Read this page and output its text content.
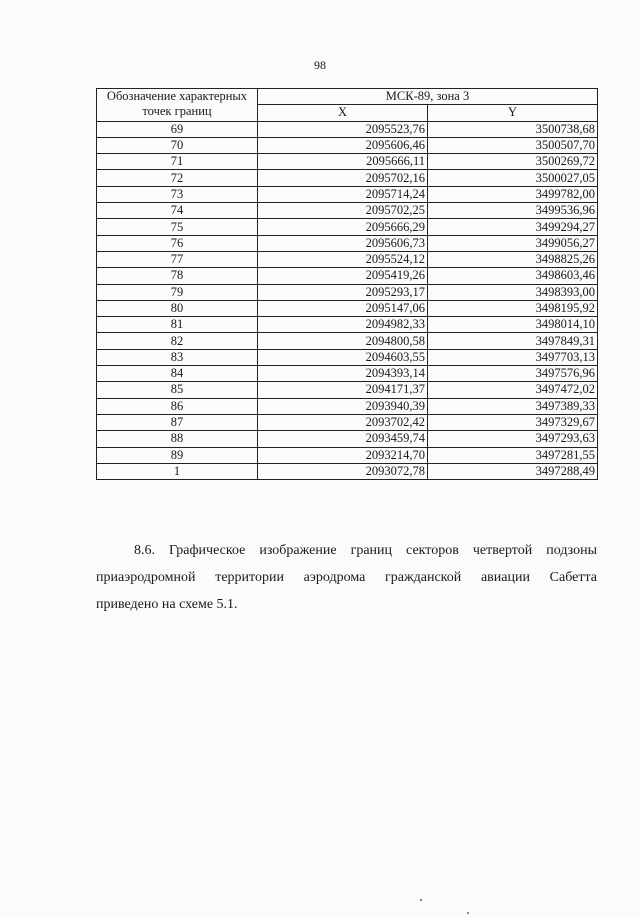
98
Обозначение характерных точек границ	МСК-89, зона 3	
	X	Y
69	2095523,76	3500738,68
70	2095606,46	3500507,70
71	2095666,11	3500269,72
72	2095702,16	3500027,05
73	2095714,24	3499782,00
74	2095702,25	3499536,96
75	2095666,29	3499294,27
76	2095606,73	3499056,27
77	2095524,12	3498825,26
78	2095419,26	3498603,46
79	2095293,17	3498393,00
80	2095147,06	3498195,92
81	2094982,33	3498014,10
82	2094800,58	3497849,31
83	2094603,55	3497703,13
84	2094393,14	3497576,96
85	2094171,37	3497472,02
86	2093940,39	3497389,33
87	2093702,42	3497329,67
88	2093459,74	3497293,63
89	2093214,70	3497281,55
1	2093072,78	3497288,49
8.6. Графическое изображение границ секторов четвертой подзоны
приаэродромной территории аэродрома гражданской авиации Сабетта
приведено на схеме 5.1.
